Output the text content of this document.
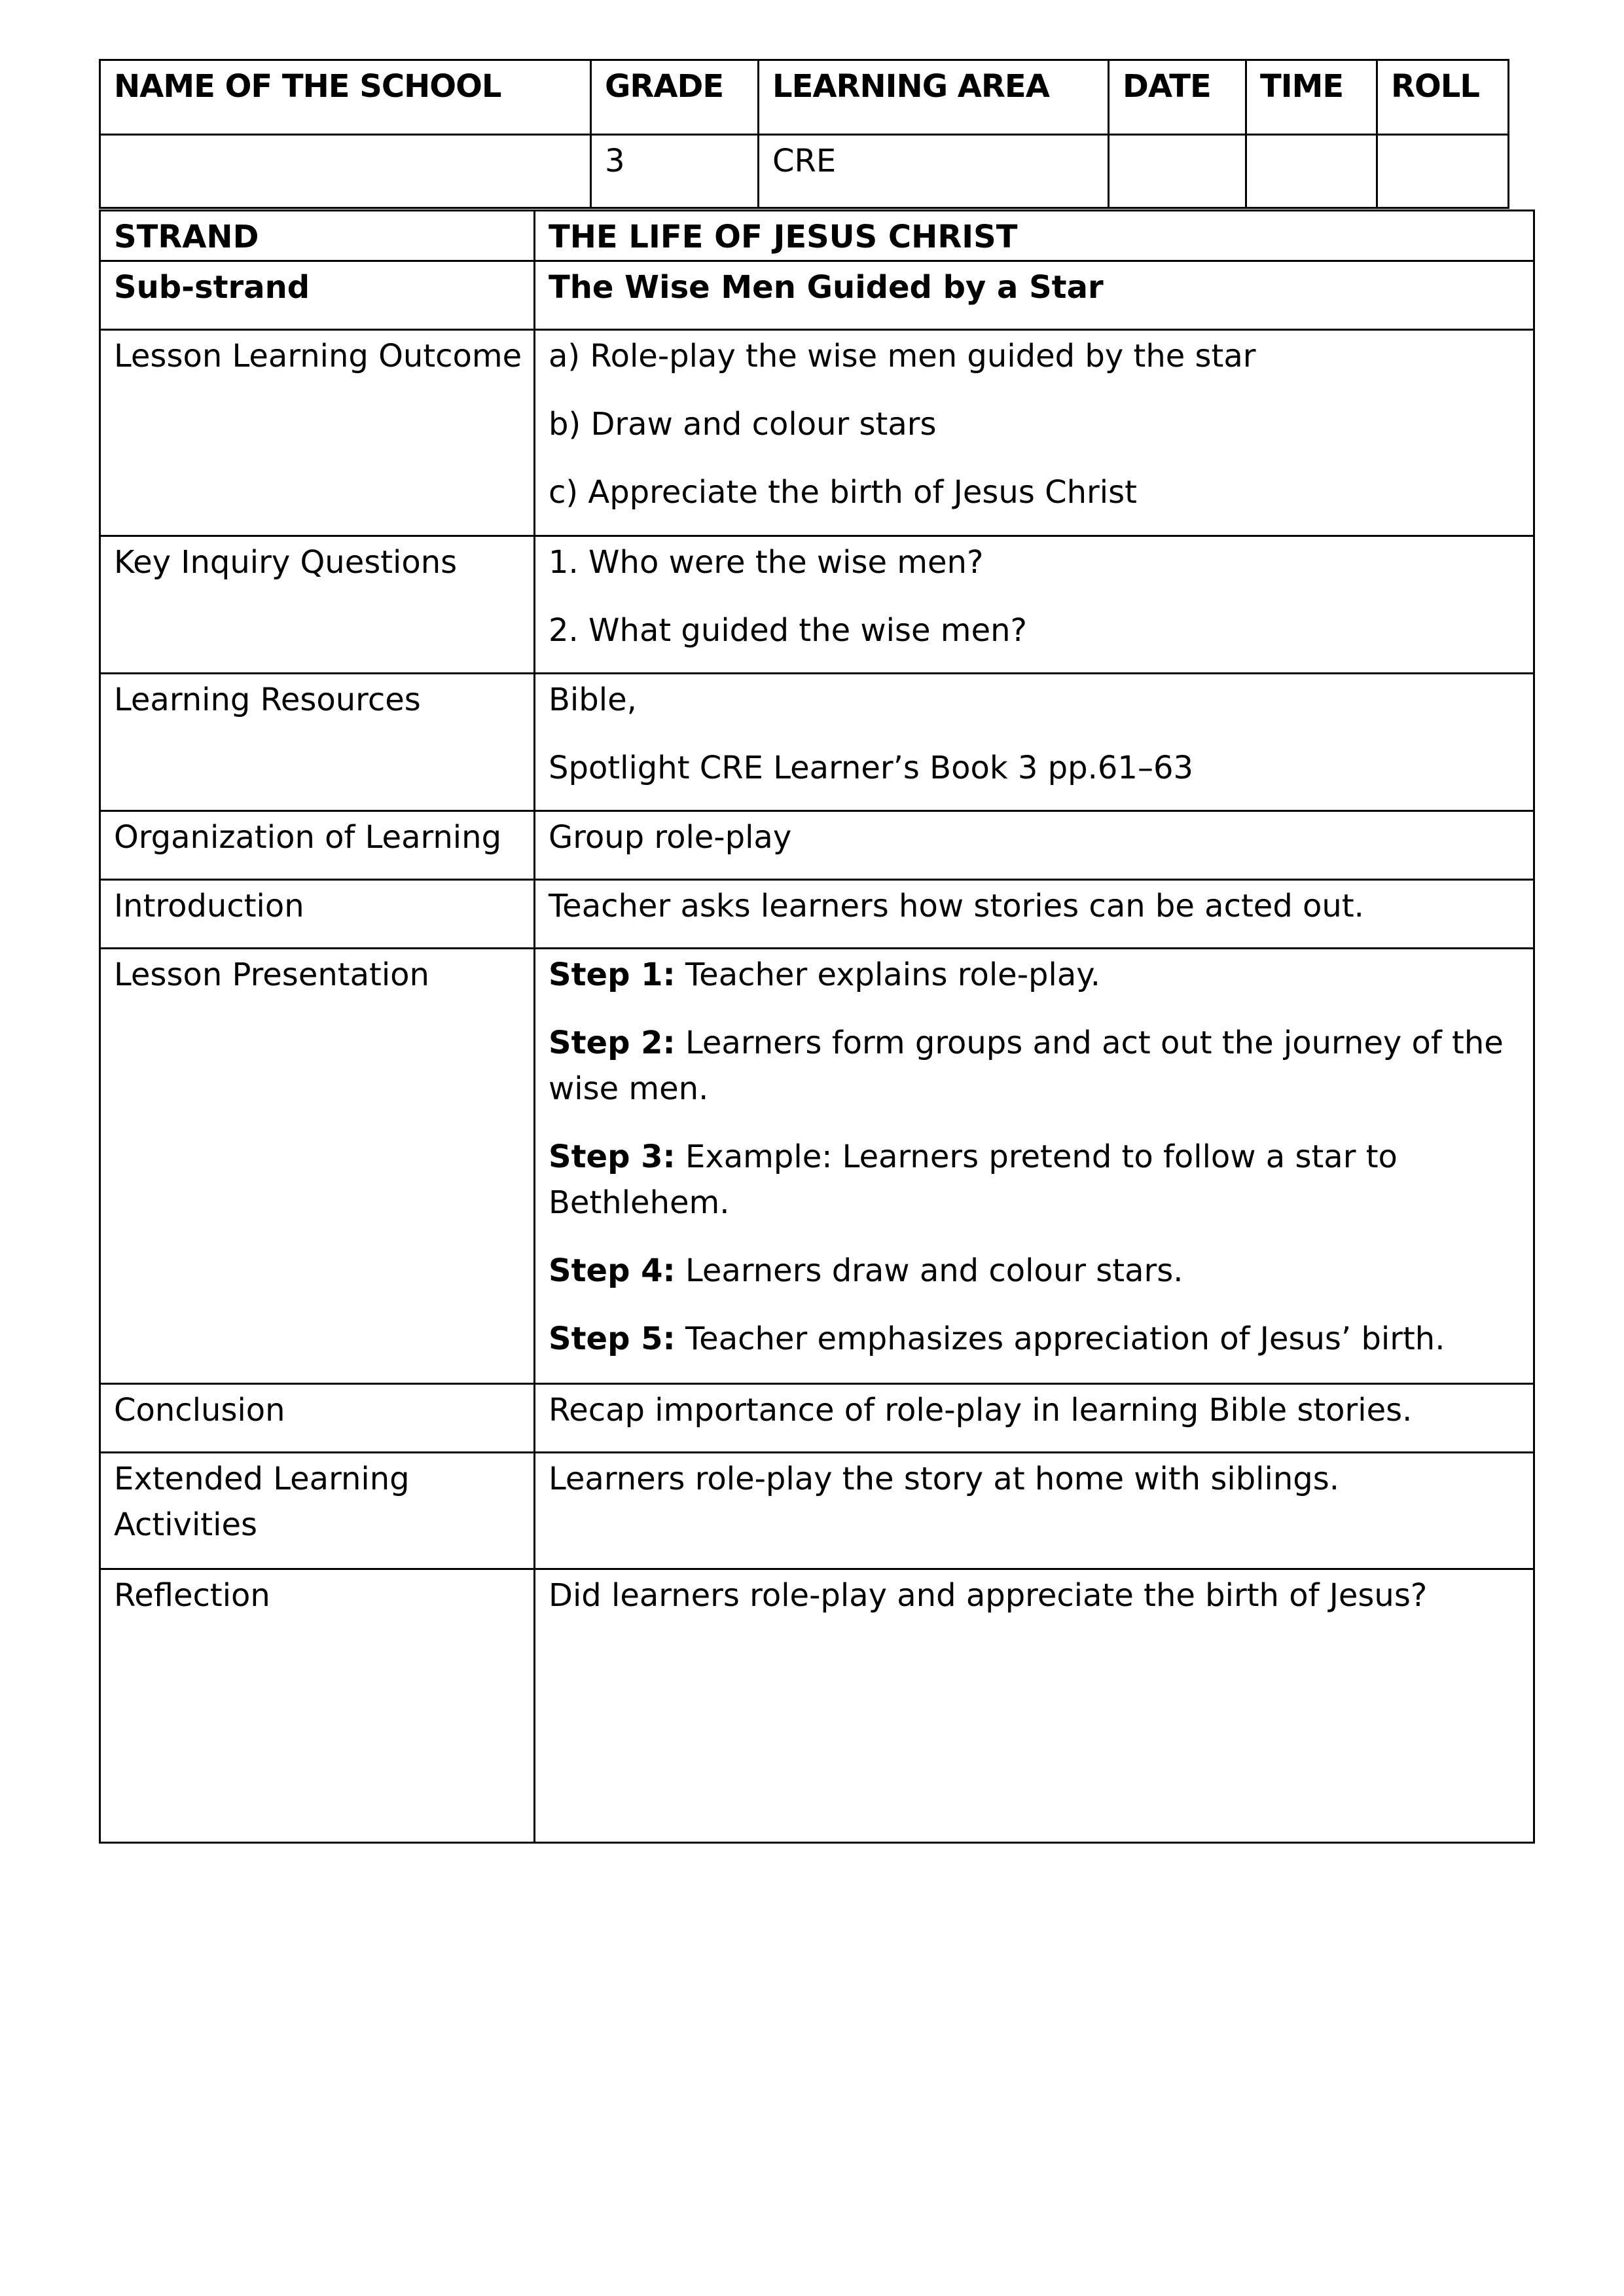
NAME OF THE SCHOOL	GRADE	LEARNING AREA	DATE	TIME	ROLL
	3	CRE			
STRAND	THE LIFE OF JESUS CHRIST
Sub-strand	The Wise Men Guided by a Star
Lesson Learning Outcome	a) Role-play the wise men guided by the star
b) Draw and colour stars
c) Appreciate the birth of Jesus Christ

Key Inquiry Questions	1. Who were the wise men?
2. What guided the wise men?

Learning Resources	Bible,
Spotlight CRE Learner’s Book 3 pp.61–63

Organization of Learning	Group role-play
Introduction	Teacher asks learners how stories can be acted out.
Lesson Presentation	Step 1: Teacher explains role-play.
Step 2: Learners form groups and act out the journey of the wise men.
Step 3: Example: Learners pretend to follow a star to Bethlehem.
Step 4: Learners draw and colour stars.
Step 5: Teacher emphasizes appreciation of Jesus’ birth.

Conclusion	Recap importance of role-play in learning Bible stories.
Extended Learning Activities	Learners role-play the story at home with siblings.
Reflection	Did learners role-play and appreciate the birth of Jesus?
